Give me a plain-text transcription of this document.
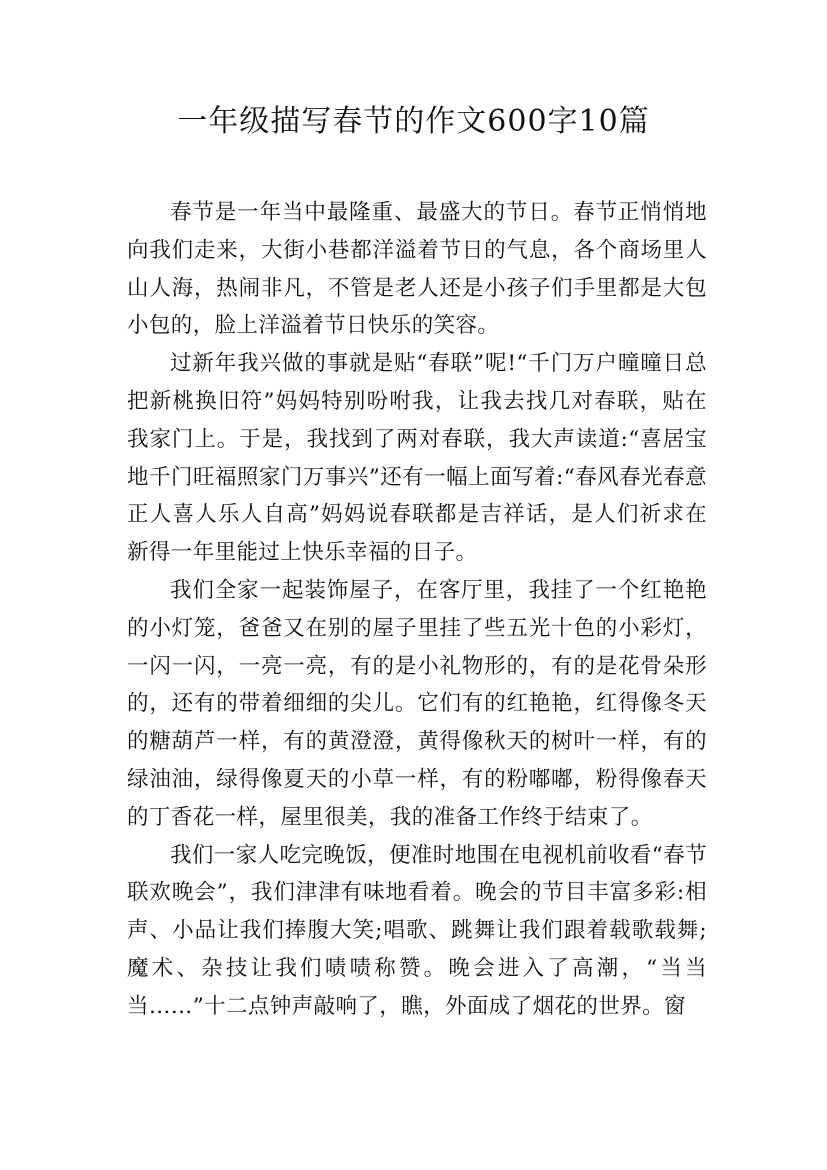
一年级描写春节的作文600字10篇

春节是一年当中最隆重、最盛大的节日。春节正悄悄地向我们走来，大街小巷都洋溢着节日的气息，各个商场里人山人海，热闹非凡，不管是老人还是小孩子们手里都是大包小包的，脸上洋溢着节日快乐的笑容。

过新年我兴做的事就是贴“春联”呢!“千门万户曈曈日总把新桃换旧符”妈妈特别吩咐我，让我去找几对春联，贴在我家门上。于是，我找到了两对春联，我大声读道:“喜居宝地千门旺福照家门万事兴”还有一幅上面写着:“春风春光春意正人喜人乐人自高”妈妈说春联都是吉祥话，是人们祈求在新得一年里能过上快乐幸福的日子。

我们全家一起装饰屋子，在客厅里，我挂了一个红艳艳的小灯笼，爸爸又在别的屋子里挂了些五光十色的小彩灯，一闪一闪，一亮一亮，有的是小礼物形的，有的是花骨朵形的，还有的带着细细的尖儿。它们有的红艳艳，红得像冬天的糖葫芦一样，有的黄澄澄，黄得像秋天的树叶一样，有的绿油油，绿得像夏天的小草一样，有的粉嘟嘟，粉得像春天的丁香花一样，屋里很美，我的准备工作终于结束了。

我们一家人吃完晚饭，便准时地围在电视机前收看“春节联欢晚会”，我们津津有味地看着。晚会的节目丰富多彩:相声、小品让我们捧腹大笑;唱歌、跳舞让我们跟着载歌载舞;魔术、杂技让我们啧啧称赞。晚会进入了高潮，“当当当……”十二点钟声敲响了，瞧，外面成了烟花的世界。窗
